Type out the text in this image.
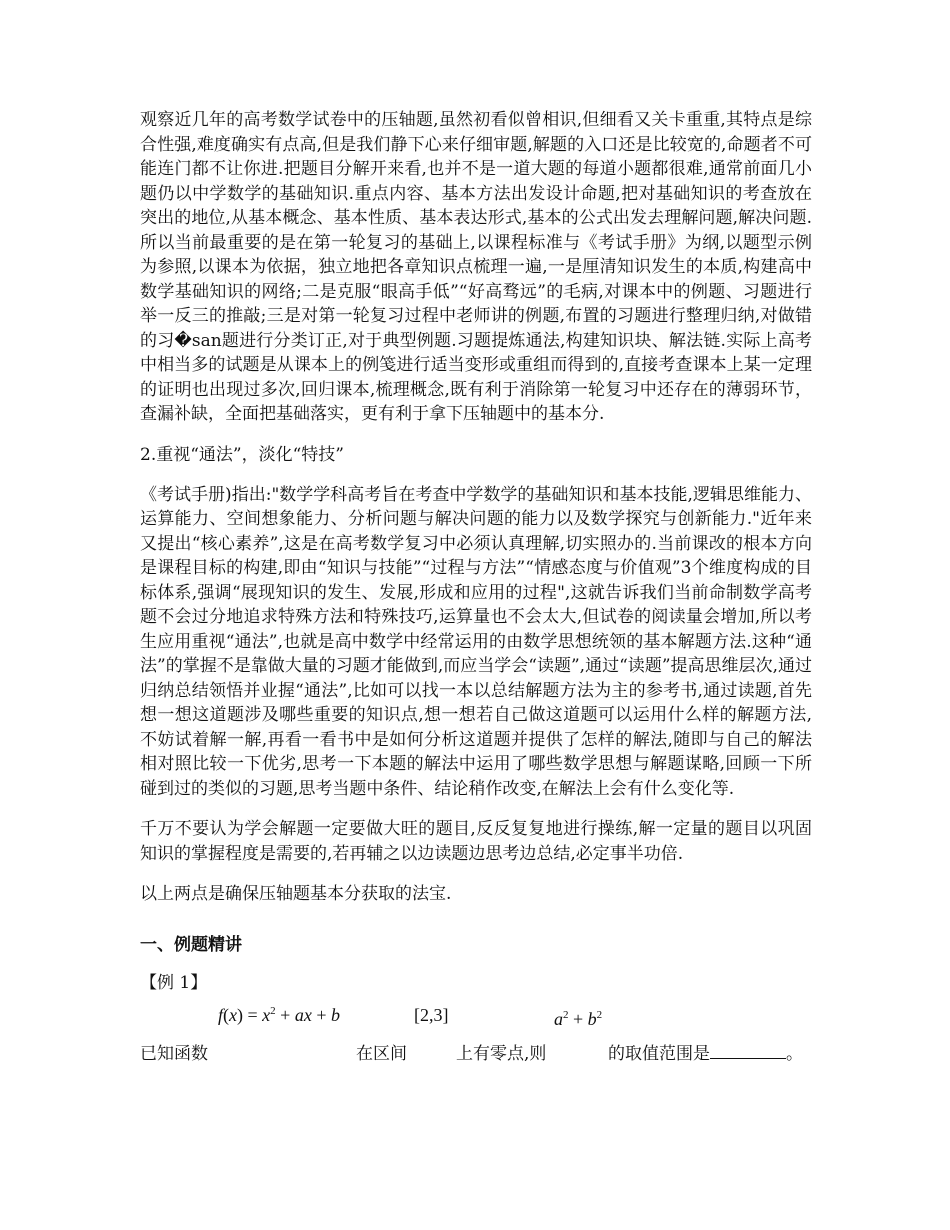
观察近几年的高考数学试卷中的压轴题,虽然初看似曾相识,但细看又关卡重重,其特点是综合性强,难度确实有点高,但是我们静下心来仔细审题,解题的入口还是比较宽的,命题者不可能连门都不让你进.把题目分解开来看,也并不是一道大题的每道小题都很难,通常前面几小题仍以中学数学的基础知识.重点内容、基本方法出发设计命题,把对基础知识的考查放在突出的地位,从基本概念、基本性质、基本表达形式,基本的公式出发去理解问题,解决问题.所以当前最重要的是在第一轮复习的基础上,以课程标准与《考试手册》为纲,以题型示例为参照,以课本为依据，独立地把各章知识点梳理一遍,一是厘清知识发生的本质,构建高中数学基础知识的网络;二是克服“眼高手低”“好高骛远”的毛病,对课本中的例题、习题进行举一反三的推敲;三是对第一轮复习过程中老师讲的例题,布置的习题进行整理归纳,对做错的习�san题进行分类订正,对于典型例题.习题提炼通法,构建知识块、解法链.实际上高考中相当多的试题是从课本上的例笺进行适当变形或重组而得到的,直接考查课本上某一定理的证明也出现过多次,回归课本,梳理概念,既有利于消除第一轮复习中还存在的薄弱环节，查漏补缺，全面把基础落实，更有利于拿下压轴题中的基本分.

2.重视“通法”，淡化“特技”

《考试手册)指出:"数学学科高考旨在考查中学数学的基础知识和基本技能,逻辑思维能力、运算能力、空间想象能力、分析问题与解决问题的能力以及数学探究与创新能力."近年来又提出“核心素养”,这是在高考数学复习中必须认真理解,切实照办的.当前课改的根本方向是课程目标的构建,即由“知识与技能”“过程与方法”“情感态度与价值观”3个维度构成的目标体系,强调“展现知识的发生、发展,形成和应用的过程",这就告诉我们当前命制数学高考题不会过分地追求特殊方法和特殊技巧,运算量也不会太大,但试卷的阅读量会增加,所以考生应用重视“通法”,也就是高中数学中经常运用的由数学思想统领的基本解题方法.这种“通法”的掌握不是靠做大量的习题才能做到,而应当学会“读题”,通过“读题”提高思维层次,通过归纳总结领悟并业握“通法”,比如可以找一本以总结解题方法为主的参考书,通过读题,首先想一想这道题涉及哪些重要的知识点,想一想若自己做这道题可以运用什么样的解题方法,不妨试着解一解,再看一看书中是如何分析这道题并提供了怎样的解法,随即与自己的解法相对照比较一下优劣,思考一下本题的解法中运用了哪些数学思想与解题谋略,回顾一下所碰到过的类似的习题,思考当题中条件、结论稍作改变,在解法上会有什么变化等.

千万不要认为学会解题一定要做大旺的题目,反反复复地进行操练,解一定量的题目以巩固知识的掌握程度是需要的,若再辅之以边读题边思考边总结,必定事半功倍.

以上两点是确保压轴题基本分获取的法宝.

一、例题精讲
【例 1】
已知函数
$f(x) = x^2$ + ax + b
在区间
[2,3]
上有零点,则
$a^2 + b^2$
的取值范围是	。
